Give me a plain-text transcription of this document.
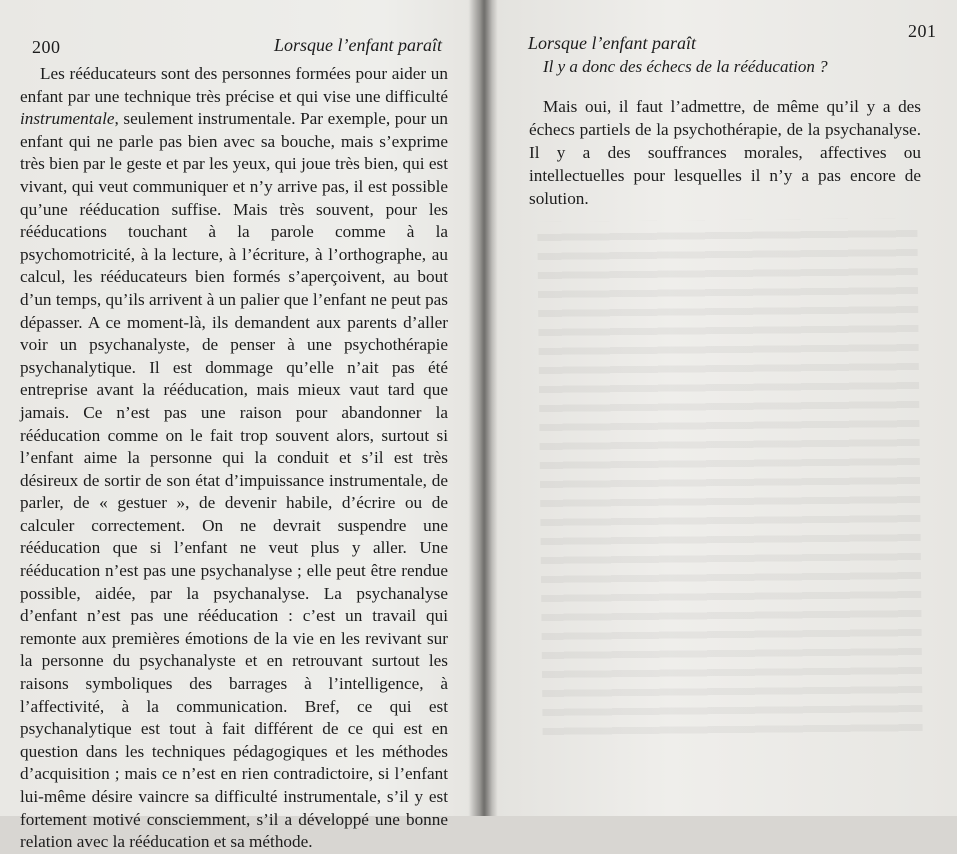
200	Lorsque l’enfant paraît

Les rééducateurs sont des personnes formées pour aider un enfant par une technique très précise et qui vise une difficulté instrumentale, seulement instrumentale. Par exemple, pour un enfant qui ne parle pas bien avec sa bouche, mais s’exprime très bien par le geste et par les yeux, qui joue très bien, qui est vivant, qui veut communiquer et n’y arrive pas, il est possible qu’une rééducation suffise. Mais très souvent, pour les rééducations touchant à la parole comme à la psychomotricité, à la lecture, à l’écriture, à l’orthographe, au calcul, les rééducateurs bien formés s’aperçoivent, au bout d’un temps, qu’ils arrivent à un palier que l’enfant ne peut pas dépasser. A ce moment-là, ils demandent aux parents d’aller voir un psychanalyste, de penser à une psychothérapie psychanalytique. Il est dommage qu’elle n’ait pas été entreprise avant la rééducation, mais mieux vaut tard que jamais. Ce n’est pas une raison pour abandonner la rééducation comme on le fait trop souvent alors, surtout si l’enfant aime la personne qui la conduit et s’il est très désireux de sortir de son état d’impuissance instrumentale, de parler, de « gestuer », de devenir habile, d’écrire ou de calculer correctement. On ne devrait suspendre une rééducation que si l’enfant ne veut plus y aller. Une rééducation n’est pas une psychanalyse ; elle peut être rendue possible, aidée, par la psychanalyse. La psychanalyse d’enfant n’est pas une rééducation : c’est un travail qui remonte aux premières émotions de la vie en les revivant sur la personne du psychanalyste et en retrouvant surtout les raisons symboliques des barrages à l’intelligence, à l’affectivité, à la communication. Bref, ce qui est psychanalytique est tout à fait différent de ce qui est en question dans les techniques pédagogiques et les méthodes d’acquisition ; mais ce n’est en rien contradictoire, si l’enfant lui-même désire vaincre sa difficulté instrumentale, s’il y est fortement motivé consciemment, s’il a développé une bonne relation avec la rééducation et sa méthode.

Lorsque l’enfant paraît
201

Il y a donc des échecs de la rééducation ?

Mais oui, il faut l’admettre, de même qu’il y a des échecs partiels de la psychothérapie, de la psychanalyse. Il y a des souffrances morales, affectives ou intellectuelles pour lesquelles il n’y a pas encore de solution.
